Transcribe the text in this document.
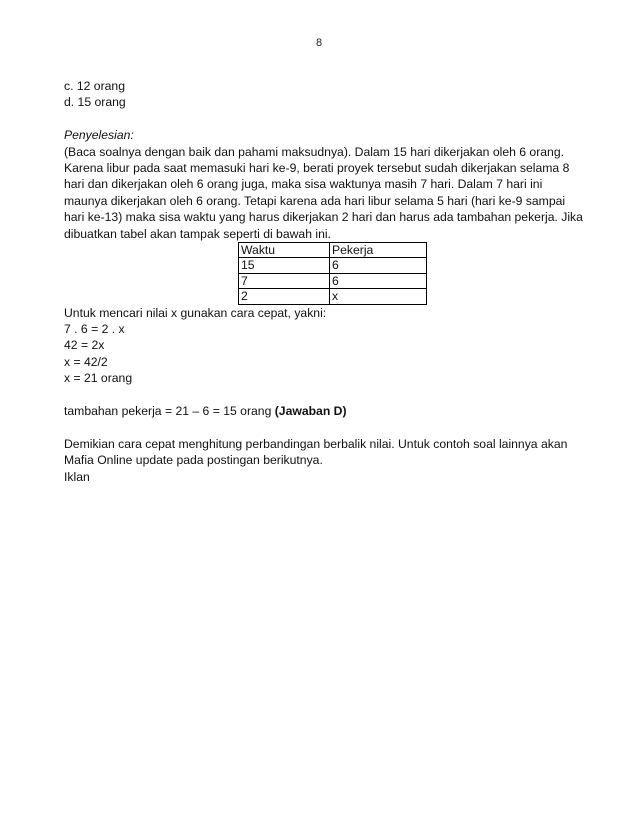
8
c. 12 orang
d. 15 orang
Penyelesian:
(Baca soalnya dengan baik dan pahami maksudnya). Dalam 15 hari dikerjakan oleh 6 orang.
Karena libur pada saat memasuki hari ke-9, berati proyek tersebut sudah dikerjakan selama 8
hari dan dikerjakan oleh 6 orang juga, maka sisa waktunya masih 7 hari. Dalam 7 hari ini
maunya dikerjakan oleh 6 orang. Tetapi karena ada hari libur selama 5 hari (hari ke-9 sampai
hari ke-13) maka sisa waktu yang harus dikerjakan 2 hari dan harus ada tambahan pekerja. Jika
dibuatkan tabel akan tampak seperti di bawah ini.
Waktu	Pekerja
15	6
7	6
2	x
Untuk mencari nilai x gunakan cara cepat, yakni:
7 . 6 = 2 . x
42 = 2x
x = 42/2
x = 21 orang
tambahan pekerja = 21 – 6 = 15 orang (Jawaban D)
Demikian cara cepat menghitung perbandingan berbalik nilai. Untuk contoh soal lainnya akan
Mafia Online update pada postingan berikutnya.
Iklan
